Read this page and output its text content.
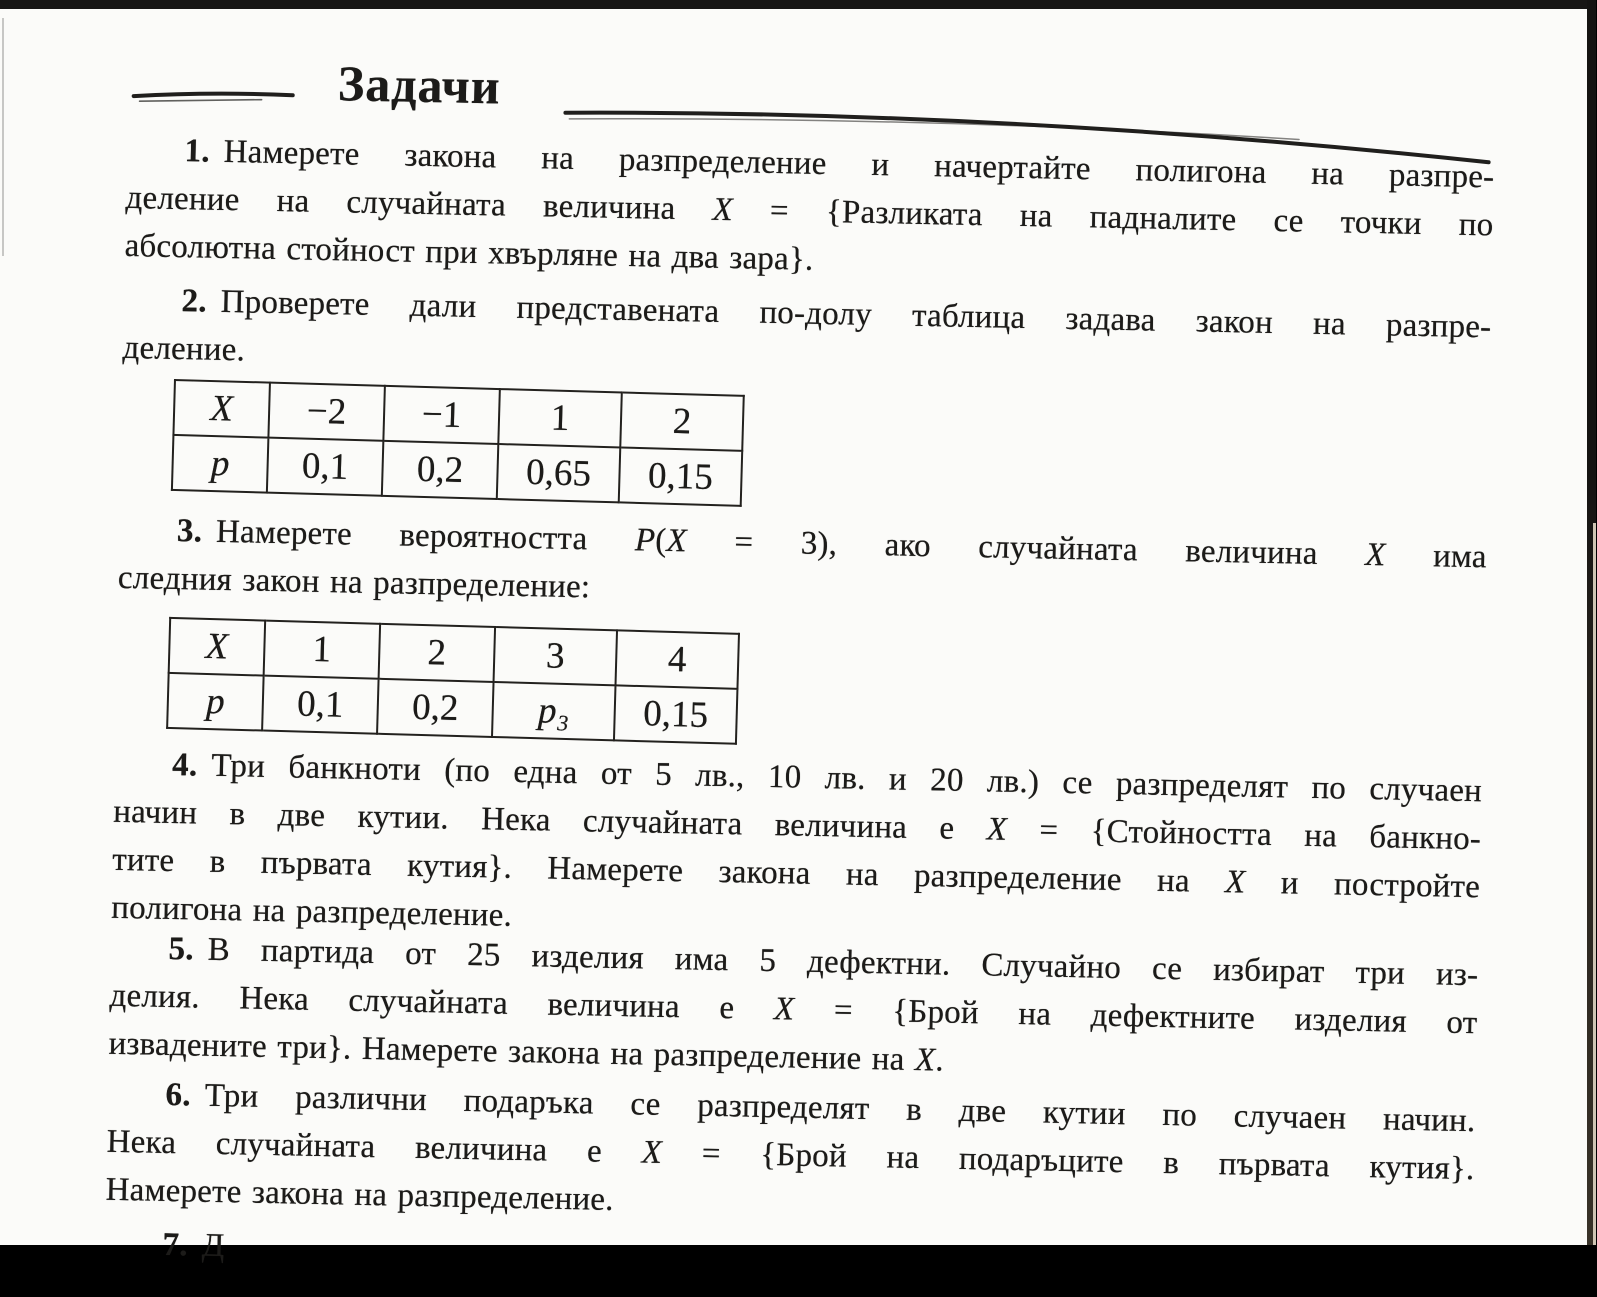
Задачи
1. Намерете закона на разпределение и начертайте полигона на разпре-
деление на случайната величина X = {Разликата на падналите се точки по
абсолютна стойност при хвърляне на два зара}.
2. Проверете дали представената по-долу таблица задава закон на разпре-
деление.
X	−2	−1	1	2
p	0,1	0,2	0,65	0,15
3. Намерете вероятността P(X = 3), ако случайната величина X има
следния закон на разпределение:
X	1	2	3	4
p	0,1	0,2	p₃	0,15
4. Три банкноти (по една от 5 лв., 10 лв. и 20 лв.) се разпределят по случаен
начин в две кутии. Нека случайната величина е X = {Стойността на банкно-
тите в първата кутия}. Намерете закона на разпределение на X и постройте
полигона на разпределение.
5. В партида от 25 изделия има 5 дефектни. Случайно се избират три из-
делия. Нека случайната величина е X = {Брой на дефектните изделия от
извадените три}. Намерете закона на разпределение на X.
6. Три различни подаръка се разпределят в две кутии по случаен начин.
Нека случайната величина е X = {Брой на подаръците в първата кутия}.
Намерете закона на разпределение.
7. Д
